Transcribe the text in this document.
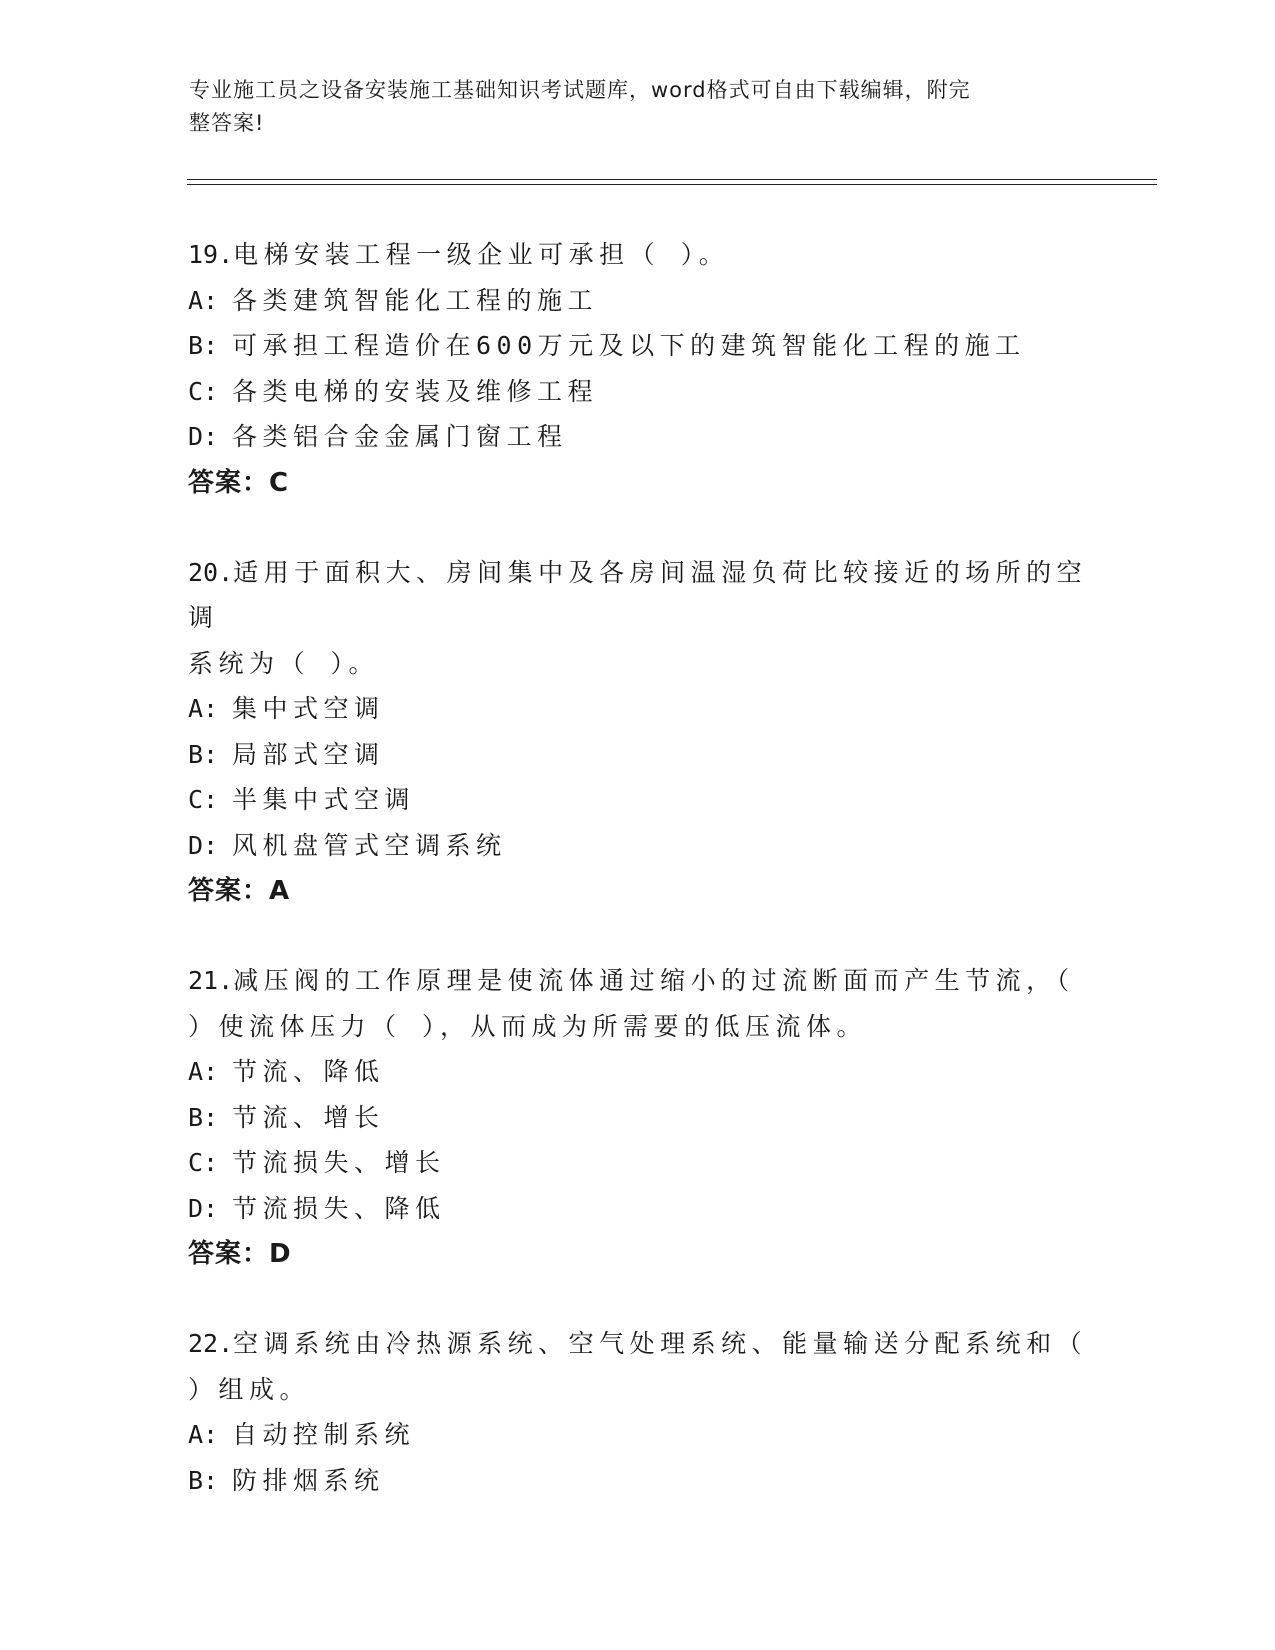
专业施工员之设备安装施工基础知识考试题库，word格式可自由下载编辑，附完
整答案!
19.电梯安装工程一级企业可承担（ ）。
A: 各类建筑智能化工程的施工
B: 可承担工程造价在600万元及以下的建筑智能化工程的施工
C: 各类电梯的安装及维修工程
D: 各类铝合金金属门窗工程
答案：C
20.适用于面积大、房间集中及各房间温湿负荷比较接近的场所的空调
系统为（ ）。
A: 集中式空调
B: 局部式空调
C: 半集中式空调
D: 风机盘管式空调系统
答案：A
21.减压阀的工作原理是使流体通过缩小的过流断面而产生节流，（
）使流体压力（ ），从而成为所需要的低压流体。
A: 节流、降低
B: 节流、增长
C: 节流损失、增长
D: 节流损失、降低
答案：D
22.空调系统由冷热源系统、空气处理系统、能量输送分配系统和（
）组成。
A: 自动控制系统
B: 防排烟系统
